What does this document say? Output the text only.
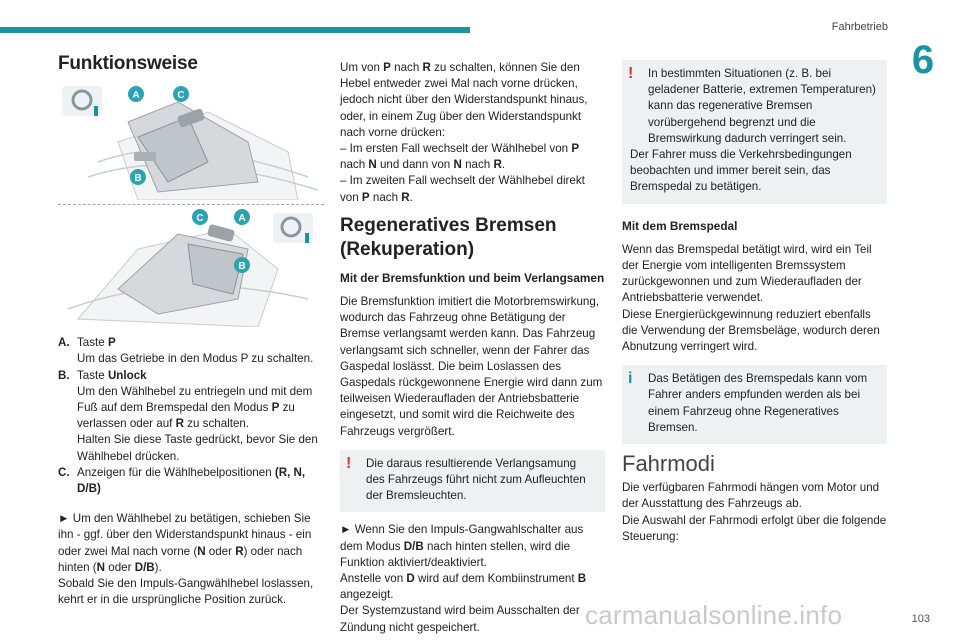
Fahrbetrieb
6
Funktionsweise
A	C
B
C	A
B
A. Taste P
Um das Getriebe in den Modus P zu schalten.
B. Taste Unlock
Um den Wählhebel zu entriegeln und mit dem Fuß auf dem Bremspedal den Modus P zu verlassen oder auf R zu schalten.
Halten Sie diese Taste gedrückt, bevor Sie den Wählhebel drücken.
C. Anzeigen für die Wählhebelpositionen (R, N, D/B)

► Um den Wählhebel zu betätigen, schieben Sie ihn - ggf. über den Widerstandspunkt hinaus - ein oder zwei Mal nach vorne (N oder R) oder nach hinten (N oder D/B).

Sobald Sie den Impuls-Gangwählhebel loslassen, kehrt er in die ursprüngliche Position zurück.

Um von P nach R zu schalten, können Sie den Hebel entweder zwei Mal nach vorne drücken, jedoch nicht über den Widerstandspunkt hinaus, oder, in einem Zug über den Widerstandspunkt nach vorne drücken:

– Im ersten Fall wechselt der Wählhebel von P nach N und dann von N nach R.

– Im zweiten Fall wechselt der Wählhebel direkt von P nach R.

Regeneratives Bremsen (Rekuperation)
Mit der Bremsfunktion und beim Verlangsamen

Die Bremsfunktion imitiert die Motorbremswirkung, wodurch das Fahrzeug ohne Betätigung der Bremse verlangsamt werden kann. Das Fahrzeug verlangsamt sich schneller, wenn der Fahrer das Gaspedal loslässt. Die beim Loslassen des Gaspedals rückgewonnene Energie wird dann zum teilweisen Wiederaufladen der Antriebsbatterie eingesetzt, und somit wird die Reichweite des Fahrzeugs vergrößert.

!	Die daraus resultierende Verlangsamung des Fahrzeugs führt nicht zum Aufleuchten der Bremsleuchten.

► Wenn Sie den Impuls-Gangwahlschalter aus dem Modus D/B nach hinten stellen, wird die Funktion aktiviert/deaktiviert.

Anstelle von D wird auf dem Kombiinstrument B angezeigt.

Der Systemzustand wird beim Ausschalten der Zündung nicht gespeichert.

!	In bestimmten Situationen (z. B. bei geladener Batterie, extremen Temperaturen) kann das regenerative Bremsen vorübergehend begrenzt und die Bremswirkung dadurch verringert sein.
Der Fahrer muss die Verkehrsbedingungen beobachten und immer bereit sein, das Bremspedal zu betätigen.
Mit dem Bremspedal

Wenn das Bremspedal betätigt wird, wird ein Teil der Energie vom intelligenten Bremssystem zurückgewonnen und zum Wiederaufladen der Antriebsbatterie verwendet.

Diese Energierückgewinnung reduziert ebenfalls die Verwendung der Bremsbeläge, wodurch deren Abnutzung verringert wird.

i	Das Betätigen des Bremspedals kann vom Fahrer anders empfunden werden als bei einem Fahrzeug ohne Regeneratives Bremsen.
Fahrmodi

Die verfügbaren Fahrmodi hängen vom Motor und der Ausstattung des Fahrzeugs ab.

Die Auswahl der Fahrmodi erfolgt über die folgende Steuerung:

carmanualsonline.info	103
